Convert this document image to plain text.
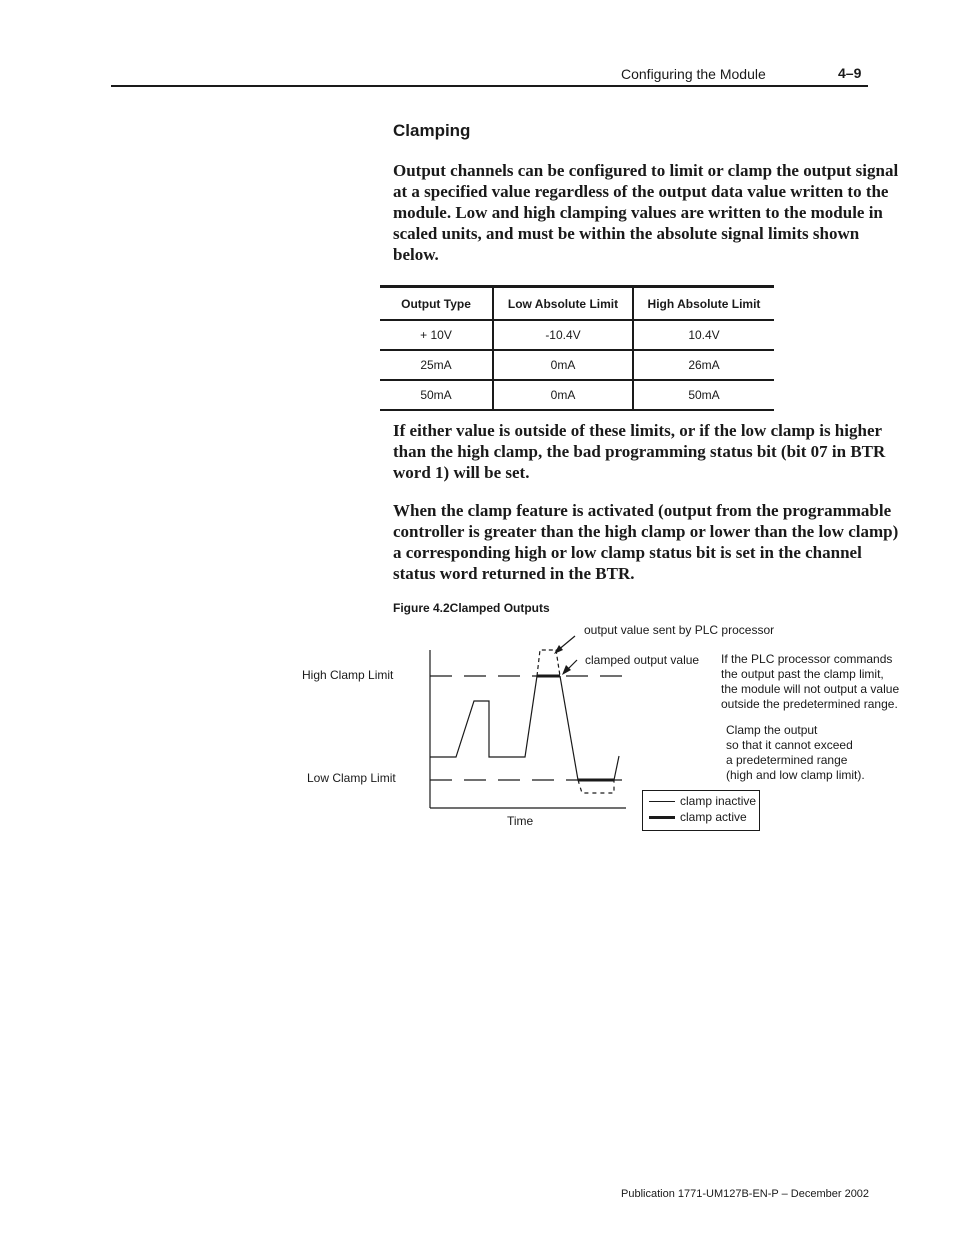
Configuring the Module	4–9
Clamping
Output channels can be configured to limit or clamp the output signal at a specified value regardless of the output data value written to the module. Low and high clamping values are written to the module in scaled units, and must be within the absolute signal limits shown below.
Output Type	Low Absolute Limit	High Absolute Limit
+ 10V	-10.4V	10.4V
25mA	0mA	26mA
50mA	0mA	50mA
If either value is outside of these limits, or if the low clamp is higher than the high clamp, the bad programming status bit (bit 07 in BTR word 1) will be set.
When the clamp feature is activated (output from the programmable controller is greater than the high clamp or lower than the low clamp) a corresponding high or low clamp status bit is set in the channel status word returned in the BTR.
Figure 4.2Clamped Outputs
High Clamp Limit
Low Clamp Limit
Time
output value sent by PLC processor
clamped output value If the PLC processor commands
the output past the clamp limit,
the module will not output a value
outside the predetermined range.
Clamp the output
so that it cannot exceed
a predetermined range
(high and low clamp limit).
clamp inactive
clamp active
Publication 1771-UM127B-EN-P – December 2002
